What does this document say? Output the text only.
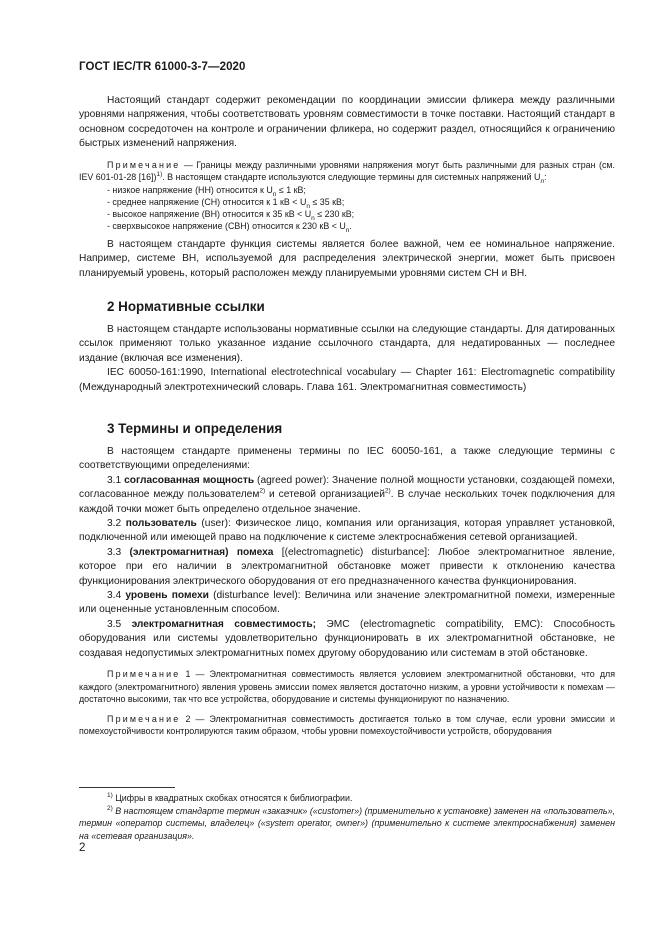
ГОСТ IEC/TR 61000-3-7—2020

Настоящий стандарт содержит рекомендации по координации эмиссии фликера между различными уровнями напряжения, чтобы соответствовать уровням совместимости в точке поставки. Настоящий стандарт в основном сосредоточен на контроле и ограничении фликера, но содержит раздел, относящийся к ограничению быстрых изменений напряжения.

Примечание — Границы между различными уровнями напряжения могут быть различными для разных стран (см. IEV 601-01-28 [16])$^{1)}$. В настоящем стандарте используются следующие термины для системных напряжений $U_n$:

- низкое напряжение (НН) относится к $U_n \le 1$ кВ;
- среднее напряжение (СН) относится к 1 кВ < $U_n \le 35$ кВ;
- высокое напряжение (ВН) относится к 35 кВ < $U_n \le 230$ кВ;
- сверхвысокое напряжение (СВН) относится к 230 кВ < $U_n$.

В настоящем стандарте функция системы является более важной, чем ее номинальное напряжение. Например, системе ВН, используемой для распределения электрической энергии, может быть присвоен планируемый уровень, который расположен между планируемыми уровнями систем СН и ВН.

2 Нормативные ссылки

В настоящем стандарте использованы нормативные ссылки на следующие стандарты. Для датированных ссылок применяют только указанное издание ссылочного стандарта, для недатированных — последнее издание (включая все изменения).

IEC 60050-161:1990, International electrotechnical vocabulary — Chapter 161: Electromagnetic compatibility (Международный электротехнический словарь. Глава 161. Электромагнитная совместимость)

3 Термины и определения

В настоящем стандарте применены термины по IEC 60050-161, а также следующие термины с соответствующими определениями:

3.1 согласованная мощность (agreed power): Значение полной мощности установки, создающей помехи, согласованное между пользователем$^{2)}$ и сетевой организацией$^{2)}$. В случае нескольких точек подключения для каждой точки может быть определено отдельное значение.

3.2 пользователь (user): Физическое лицо, компания или организация, которая управляет установкой, подключенной или имеющей право на подключение к системе электроснабжения сетевой организацией.

3.3 (электромагнитная) помеха [(electromagnetic) disturbance]: Любое электромагнитное явление, которое при его наличии в электромагнитной обстановке может привести к отклонению качества функционирования электрического оборудования от его предназначенного качества функционирования.

3.4 уровень помехи (disturbance level): Величина или значение электромагнитной помехи, измеренные или оцененные установленным способом.

3.5 электромагнитная совместимость; ЭМС (electromagnetic compatibility, EMC): Способность оборудования или системы удовлетворительно функционировать в их электромагнитной обстановке, не создавая недопустимых электромагнитных помех другому оборудованию или системам в этой обстановке.

Примечание 1 — Электромагнитная совместимость является условием электромагнитной обстановки, что для каждого (электромагнитного) явления уровень эмиссии помех является достаточно низким, а уровни устойчивости к помехам — достаточно высокими, так что все устройства, оборудование и системы функционируют по назначению.

Примечание 2 — Электромагнитная совместимость достигается только в том случае, если уровни эмиссии и помехоустойчивости контролируются таким образом, чтобы уровни помехоустойчивости устройств, оборудования

$^{1)}$ Цифры в квадратных скобках относятся к библиографии.

$^{2)}$ В настоящем стандарте термин «заказчик» («customer») (применительно к установке) заменен на «пользователь», термин «оператор системы, владелец» («system operator, owner») (применительно к системе электроснабжения) заменен на «сетевая организация».

2
